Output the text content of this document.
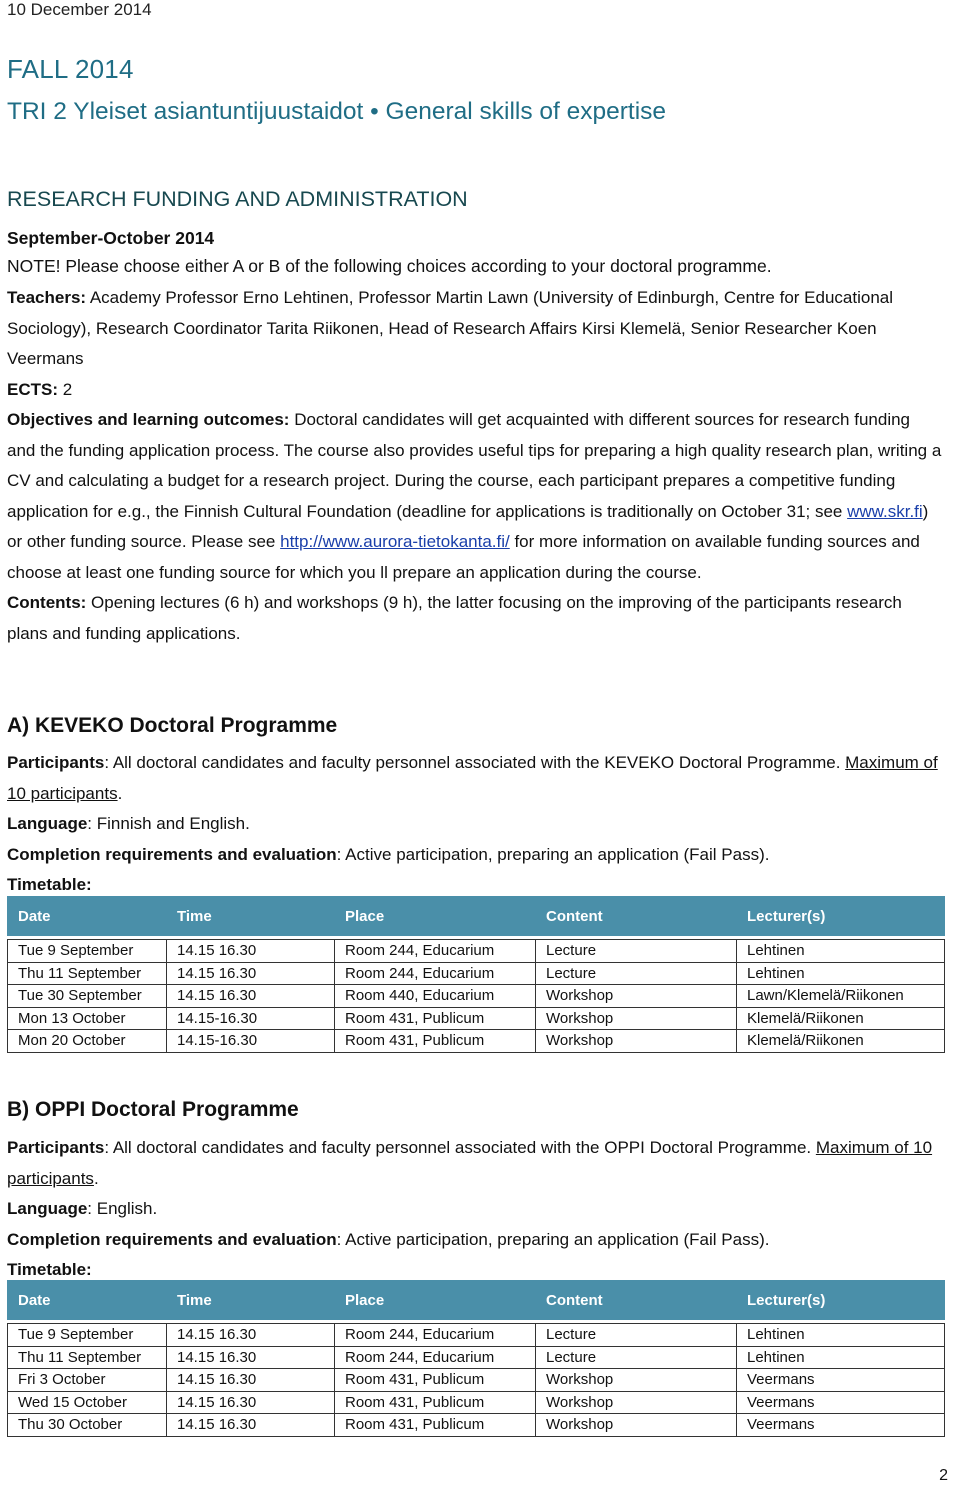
10 December 2014
FALL 2014
TRI 2 Yleiset asiantuntijuustaidot • General skills of expertise
RESEARCH FUNDING AND ADMINISTRATION
September-October 2014
NOTE! Please choose either A or B of the following choices according to your doctoral programme.
Teachers: Academy Professor Erno Lehtinen, Professor Martin Lawn (University of Edinburgh, Centre for Educational Sociology), Research Coordinator Tarita Riikonen, Head of Research Affairs Kirsi Klemelä, Senior Researcher Koen Veermans
ECTS: 2
Objectives and learning outcomes: Doctoral candidates will get acquainted with different sources for research funding and the funding application process. The course also provides useful tips for preparing a high quality research plan, writing a CV and calculating a budget for a research project. During the course, each participant prepares a competitive funding application for e.g., the Finnish Cultural Foundation (deadline for applications is traditionally on October 31; see www.skr.fi) or other funding source. Please see http://www.aurora-tietokanta.fi/ for more information on available funding sources and choose at least one funding source for which you ll prepare an application during the course.
Contents: Opening lectures (6 h) and workshops (9 h), the latter focusing on the improving of the participants research plans and funding applications.
A) KEVEKO Doctoral Programme
Participants: All doctoral candidates and faculty personnel associated with the KEVEKO Doctoral Programme. Maximum of 10 participants.
Language: Finnish and English.
Completion requirements and evaluation: Active participation, preparing an application (Fail Pass).
Timetable:
Date	Time	Place	Content	Lecturer(s)

Tue 9 September	14.15 16.30	Room 244, Educarium	Lecture	Lehtinen
Thu 11 September	14.15 16.30	Room 244, Educarium	Lecture	Lehtinen
Tue 30 September	14.15 16.30	Room 440, Educarium	Workshop	Lawn/Klemelä/Riikonen
Mon 13 October	14.15-16.30	Room 431, Publicum	Workshop	Klemelä/Riikonen
Mon 20 October	14.15-16.30	Room 431, Publicum	Workshop	Klemelä/Riikonen
B) OPPI Doctoral Programme
Participants: All doctoral candidates and faculty personnel associated with the OPPI Doctoral Programme. Maximum of 10 participants.
Language: English.
Completion requirements and evaluation: Active participation, preparing an application (Fail Pass).
Timetable:
Date	Time	Place	Content	Lecturer(s)

Tue 9 September	14.15 16.30	Room 244, Educarium	Lecture	Lehtinen
Thu 11 September	14.15 16.30	Room 244, Educarium	Lecture	Lehtinen
Fri 3 October	14.15 16.30	Room 431, Publicum	Workshop	Veermans
Wed 15 October	14.15 16.30	Room 431, Publicum	Workshop	Veermans
Thu 30 October	14.15 16.30	Room 431, Publicum	Workshop	Veermans
2
